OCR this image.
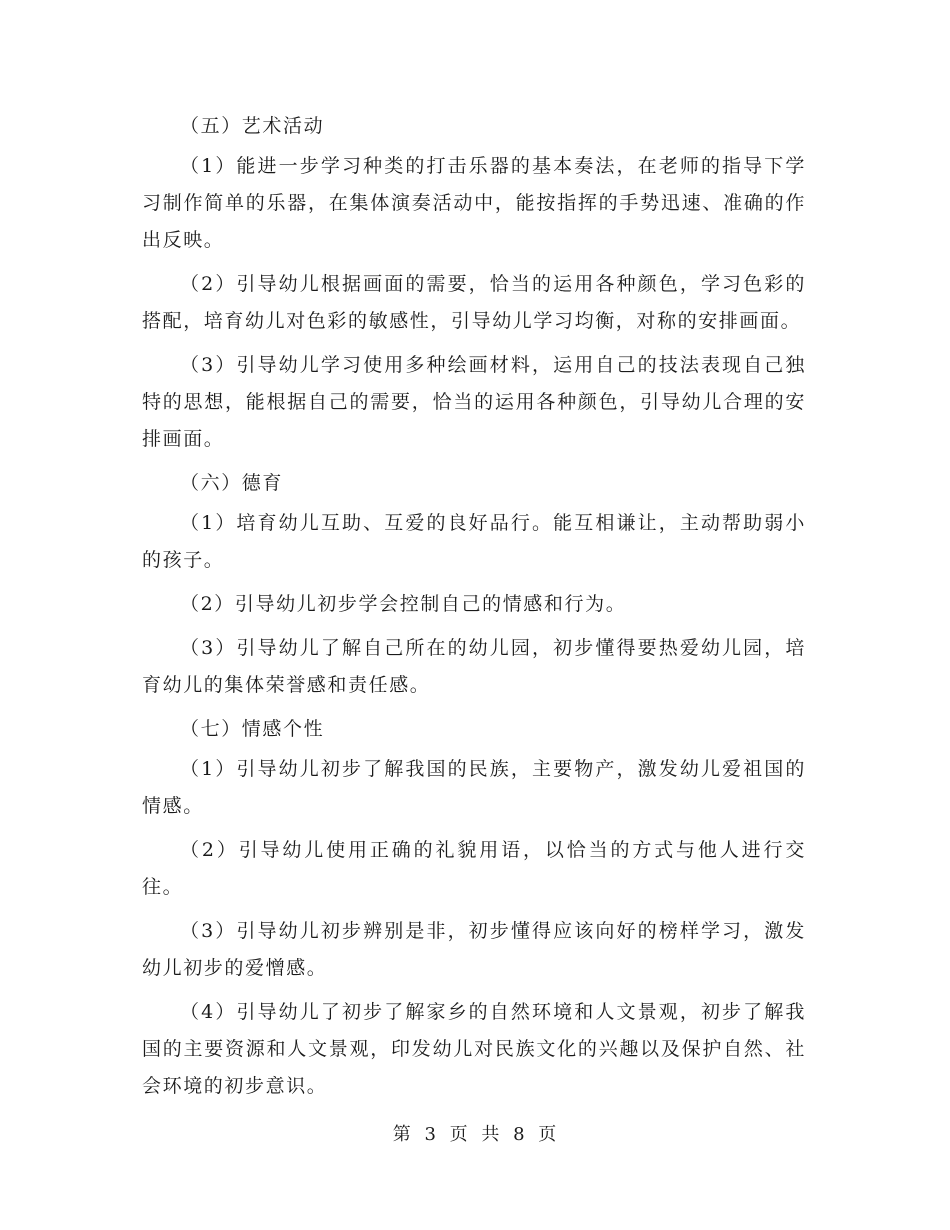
（五）艺术活动

（1）能进一步学习种类的打击乐器的基本奏法，在老师的指导下学习制作简单的乐器，在集体演奏活动中，能按指挥的手势迅速、准确的作出反映。

（2）引导幼儿根据画面的需要，恰当的运用各种颜色，学习色彩的搭配，培育幼儿对色彩的敏感性，引导幼儿学习均衡，对称的安排画面。

（3）引导幼儿学习使用多种绘画材料，运用自己的技法表现自己独特的思想，能根据自己的需要，恰当的运用各种颜色，引导幼儿合理的安排画面。

（六）德育

（1）培育幼儿互助、互爱的良好品行。能互相谦让，主动帮助弱小的孩子。

（2）引导幼儿初步学会控制自己的情感和行为。

（3）引导幼儿了解自己所在的幼儿园，初步懂得要热爱幼儿园，培育幼儿的集体荣誉感和责任感。

（七）情感个性

（1）引导幼儿初步了解我国的民族，主要物产，激发幼儿爱祖国的情感。

（2）引导幼儿使用正确的礼貌用语，以恰当的方式与他人进行交往。

（3）引导幼儿初步辨别是非，初步懂得应该向好的榜样学习，激发幼儿初步的爱憎感。

（4）引导幼儿了初步了解家乡的自然环境和人文景观，初步了解我国的主要资源和人文景观，印发幼儿对民族文化的兴趣以及保护自然、社会环境的初步意识。

第 3 页 共 8 页
